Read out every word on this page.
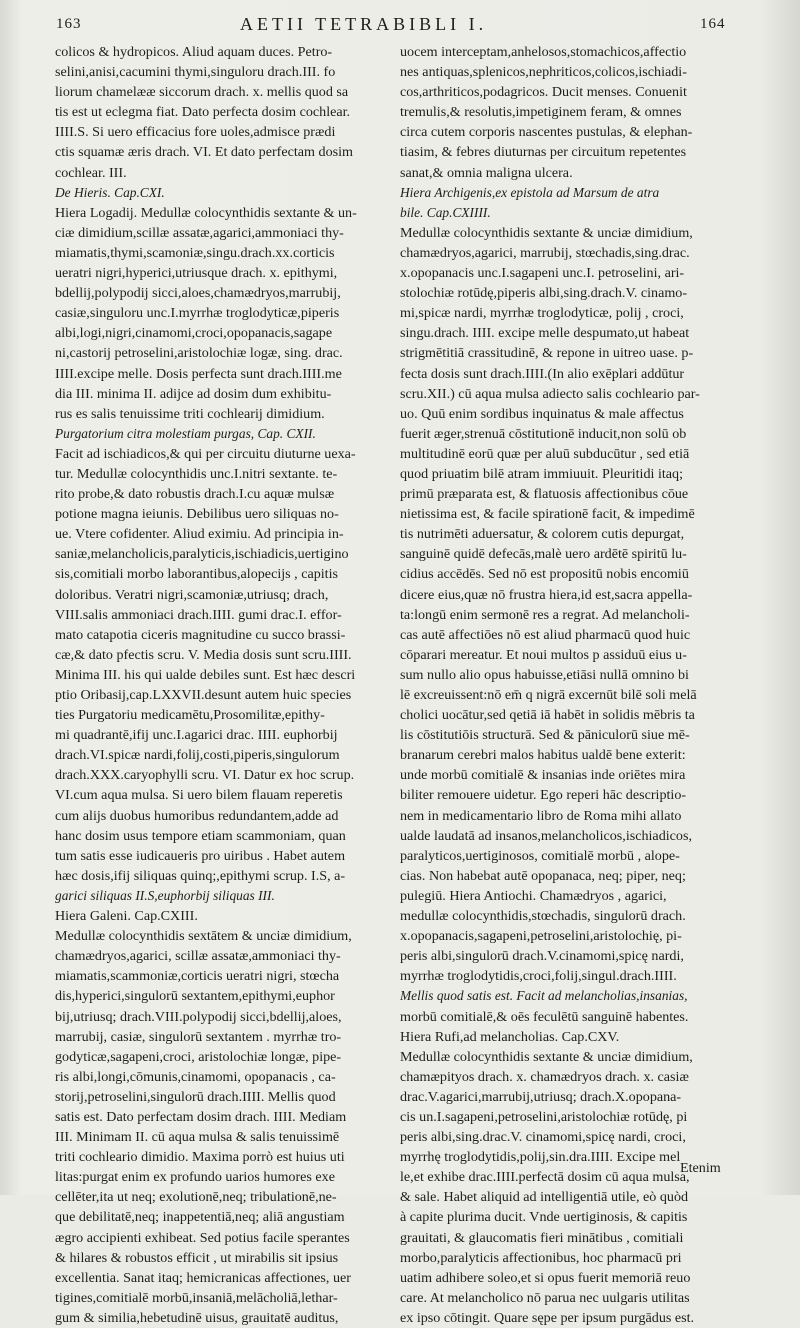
163	AETII TETRABIBLI I.	164
colicos & hydropicos. Aliud aquam duces. Petro-
selini,anisi,cacumini thymi,singuloru drach.III. fo
liorum chamelææ siccorum drach. x. mellis quod sa
tis est ut eclegma fiat. Dato perfecta dosim cochlear.
IIII.S. Si uero efficacius fore uoles,admisce prædi
ctis squamæ æris drach. VI. Et dato perfectam dosim
cochlear. III.
De Hieris. Cap.CXI.
Hiera Logadij. Medullæ colocynthidis sextante & un-
ciæ dimidium,scillæ assatæ,agarici,ammoniaci thy-
miamatis,thymi,scamoniæ,singu.drach.xx.corticis
ueratri nigri,hyperici,utriusque drach. x. epithymi,
bdellij,polypodij sicci,aloes,chamædryos,marrubij,
casiæ,singuloru unc.I.myrrhæ troglodyticæ,piperis
albi,logi,nigri,cinamomi,croci,opopanacis,sagape
ni,castorij petroselini,aristolochiæ logæ, sing. drac.
IIII.excipe melle. Dosis perfecta sunt drach.IIII.me
dia III. minima II. adijce ad dosim dum exhibitu-
rus es salis tenuissime triti cochlearij dimidium.
Purgatorium citra molestiam purgas, Cap. CXII.
Facit ad ischiadicos,& qui per circuitu diuturne uexa-
tur. Medullæ colocynthidis unc.I.nitri sextante. te-
rito probe,& dato robustis drach.I.cu aquæ mulsæ
potione magna ieiunis. Debilibus uero siliquas no-
ue. Vtere cofidenter. Aliud eximiu. Ad principia in-
saniæ,melancholicis,paralyticis,ischiadicis,uertigino
sis,comitiali morbo laborantibus,alopecijs , capitis
doloribus. Veratri nigri,scamoniæ,utriusq; drach,
VIII.salis ammoniaci drach.IIII. gumi drac.I. effor-
mato catapotia ciceris magnitudine cu succo brassi-
cæ,& dato pfectis scru. V. Media dosis sunt scru.IIII.
Minima III. his qui ualde debiles sunt. Est hæc descri
ptio Oribasij,cap.LXXVII.desunt autem huic species
ties Purgatoriu medicamētu,Prosomilitæ,epithy-
mi quadrantē,ifij unc.I.agarici drac. IIII. euphorbij
drach.VI.spicæ nardi,folij,costi,piperis,singulorum
drach.XXX.caryophylli scru. VI. Datur ex hoc scrup.
VI.cum aqua mulsa. Si uero bilem flauam reperetis
cum alijs duobus humoribus redundantem,adde ad
hanc dosim usus tempore etiam scammoniam, quan
tum satis esse iudicaueris pro uiribus . Habet autem
hæc dosis,ifij siliquas quinq;,epithymi scrup. I.S, a-
garici siliquas II.S,euphorbij siliquas III.
Hiera Galeni. Cap.CXIII.
Medullæ colocynthidis sextātem & unciæ dimidium,
chamædryos,agarici, scillæ assatæ,ammoniaci thy-
miamatis,scammoniæ,corticis ueratri nigri, stœcha
dis,hyperici,singulorū sextantem,epithymi,euphor
bij,utriusq; drach.VIII.polypodij sicci,bdellij,aloes,
marrubij, casiæ, singulorū sextantem . myrrhæ tro-
godyticæ,sagapeni,croci, aristolochiæ longæ, pipe-
ris albi,longi,cōmunis,cinamomi, opopanacis , ca-
storij,petroselini,singulorū drach.IIII. Mellis quod
satis est. Dato perfectam dosim drach. IIII. Mediam
III. Minimam II. cū aqua mulsa & salis tenuissimē
triti cochleario dimidio. Maxima porrò est huius uti
litas:purgat enim ex profundo uarios humores exe
cellēter,ita ut neq; exolutionē,neq; tribulationē,ne-
que debilitatē,neq; inappetentiā,neq; aliā angustiam
ægro accipienti exhibeat. Sed potius facile sperantes
& hilares & robustos efficit , ut mirabilis sit ipsius
excellentia. Sanat itaq; hemicranicas affectiones, uer
tigines,comitialē morbū,insaniā,melācholiā,lethar-
gum & similia,hebetudinē uisus, grauitatē auditus,
uocem interceptam,anhelosos,stomachicos,affectio
nes antiquas,splenicos,nephriticos,colicos,ischiadi-
cos,arthriticos,podagricos. Ducit menses. Conuenit
tremulis,& resolutis,impetiginem feram, & omnes
circa cutem corporis nascentes pustulas, & elephan-
tiasim, & febres diuturnas per circuitum repetentes
sanat,& omnia maligna ulcera.
Hiera Archigenis,ex epistola ad Marsum de atra
bile. Cap.CXIIII.
Medullæ colocynthidis sextante & unciæ dimidium,
chamædryos,agarici, marrubij, stœchadis,sing.drac.
x.opopanacis unc.I.sagapeni unc.I. petroselini, ari-
stolochiæ rotūdę,piperis albi,sing.drach.V. cinamo-
mi,spicæ nardi, myrrhæ troglodyticæ, polij , croci,
singu.drach. IIII. excipe melle despumato,ut habeat
strigmētitiā crassitudinē, & repone in uitreo uase. p-
fecta dosis sunt drach.IIII.(In alio exēplari addūtur
scru.XII.) cū aqua mulsa adiecto salis cochleario par-
uo. Quū enim sordibus inquinatus & male affectus
fuerit æger,strenuā cōstitutionē inducit,non solū ob
multitudinē eorū quæ per aluū subducūtur , sed etiā
quod priuatim bilē atram immiuuit. Pleuritidi itaq;
primū præparata est, & flatuosis affectionibus cōue
nietissima est, & facile spirationē facit, & impedimē
tis nutrimēti aduersatur, & colorem cutis depurgat,
sanguinē quidē defecās,malè uero ardētē spiritū lu-
cidius accēdēs. Sed nō est propositū nobis encomiū
dicere eius,quæ nō frustra hiera,id est,sacra appella-
ta:longū enim sermonē res a regrat. Ad melancholi-
cas autē affectiōes nō est aliud pharmacū quod huic
cōparari mereatur. Et noui multos p assiduū eius u-
sum nullo alio opus habuisse,etiāsi nullā omnino bi
lē excreuissent:nō em̄ q nigrā excernūt bilē soli melā
cholici uocātur,sed qetiā iā habēt in solidis mēbris ta
lis cōstitutiōis structurā. Sed & pāniculorū siue mē-
branarum cerebri malos habitus ualdē bene exterit:
unde morbū comitialē & insanias inde oriētes mira
biliter remouere uidetur. Ego reperi hāc descriptio-
nem in medicamentario libro de Roma mihi allato
ualde laudatā ad insanos,melancholicos,ischiadicos,
paralyticos,uertiginosos, comitialē morbū , alope-
cias. Non habebat autē opopanaca, neq; piper, neq;
pulegiū. Hiera Antiochi. Chamædryos , agarici,
medullæ colocynthidis,stœchadis, singulorū drach.
x.opopanacis,sagapeni,petroselini,aristolochię, pi-
peris albi,singulorū drach.V.cinamomi,spicę nardi,
myrrhæ troglodytidis,croci,folij,singul.drach.IIII.
Mellis quod satis est. Facit ad melancholias,insanias,
morbū comitialē,& oēs feculētū sanguinē habentes.
Hiera Rufi,ad melancholias. Cap.CXV.
Medullæ colocynthidis sextante & unciæ dimidium,
chamæpityos drach. x. chamædryos drach. x. casiæ
drac.V.agarici,marrubij,utriusq; drach.X.opopana-
cis un.I.sagapeni,petroselini,aristolochiæ rotūdę, pi
peris albi,sing.drac.V. cinamomi,spicę nardi, croci,
myrrhę troglodytidis,polij,sin.dra.IIII. Excipe mel
le,et exhibe drac.IIII.perfectā dosim cū aqua mulsa,
& sale. Habet aliquid ad intelligentiā utile, eò quòd
à capite plurima ducit. Vnde uertiginosis, & capitis
grauitati, & glaucomatis fieri minātibus , comitiali
morbo,paralyticis affectionibus, hoc pharmacū pri
uatim adhibere soleo,et si opus fuerit memoriā reuo
care. At melancholico nō parua nec uulgaris utilitas
ex ipso cōtingit. Quare sępe per ipsum purgādus est.
Etenim
